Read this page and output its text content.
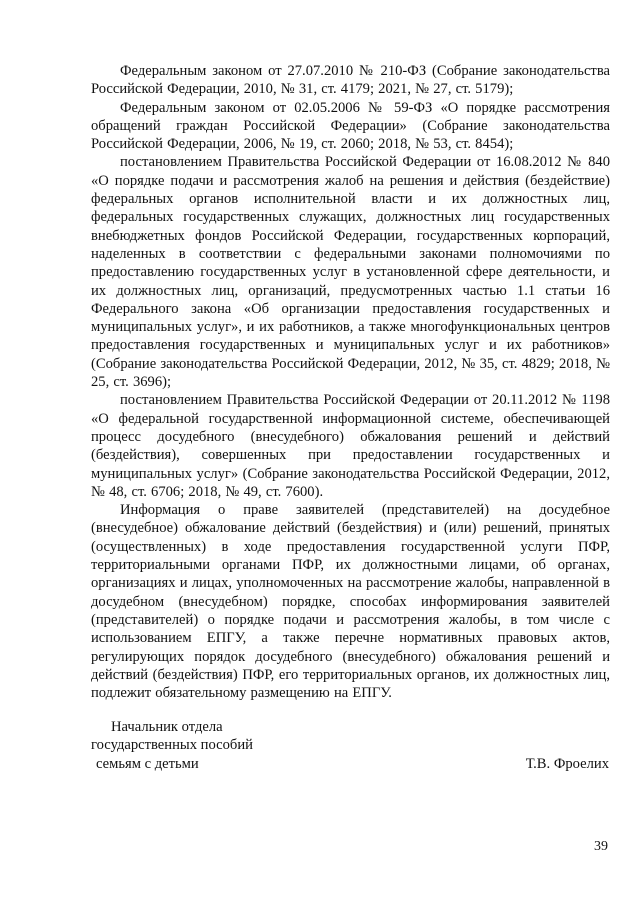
Федеральным законом от 27.07.2010 № 210-ФЗ (Собрание законодательства Российской Федерации, 2010, № 31, ст. 4179; 2021, № 27, ст. 5179);

Федеральным законом от 02.05.2006 № 59-ФЗ «О порядке рассмотрения обращений граждан Российской Федерации» (Собрание законодательства Российской Федерации, 2006, № 19, ст. 2060; 2018, № 53, ст. 8454);

постановлением Правительства Российской Федерации от 16.08.2012 № 840 «О порядке подачи и рассмотрения жалоб на решения и действия (бездействие) федеральных органов исполнительной власти и их должностных лиц, федеральных государственных служащих, должностных лиц государственных внебюджетных фондов Российской Федерации, государственных корпораций, наделенных в соответствии с федеральными законами полномочиями по предоставлению государственных услуг в установленной сфере деятельности, и их должностных лиц, организаций, предусмотренных частью 1.1 статьи 16 Федерального закона «Об организации предоставления государственных и муниципальных услуг», и их работников, а также многофункциональных центров предоставления государственных и муниципальных услуг и их работников» (Собрание законодательства Российской Федерации, 2012, № 35, ст. 4829; 2018, № 25, ст. 3696);

постановлением Правительства Российской Федерации от 20.11.2012 № 1198 «О федеральной государственной информационной системе, обеспечивающей процесс досудебного (внесудебного) обжалования решений и действий (бездействия), совершенных при предоставлении государственных и муниципальных услуг» (Собрание законодательства Российской Федерации, 2012, № 48, ст. 6706; 2018, № 49, ст. 7600).

Информация о праве заявителей (представителей) на досудебное (внесудебное) обжалование действий (бездействия) и (или) решений, принятых (осуществленных) в ходе предоставления государственной услуги ПФР, территориальными органами ПФР, их должностными лицами, об органах, организациях и лицах, уполномоченных на рассмотрение жалобы, направленной в досудебном (внесудебном) порядке, способах информирования заявителей (представителей) о порядке подачи и рассмотрения жалобы, в том числе с использованием ЕПГУ, а также перечне нормативных правовых актов, регулирующих порядок досудебного (внесудебного) обжалования решений и действий (бездействия) ПФР, его территориальных органов, их должностных лиц, подлежит обязательному размещению на ЕПГУ.

Начальник отдела
государственных пособий
семьям с детьми	Т.В. Фроелих
39
